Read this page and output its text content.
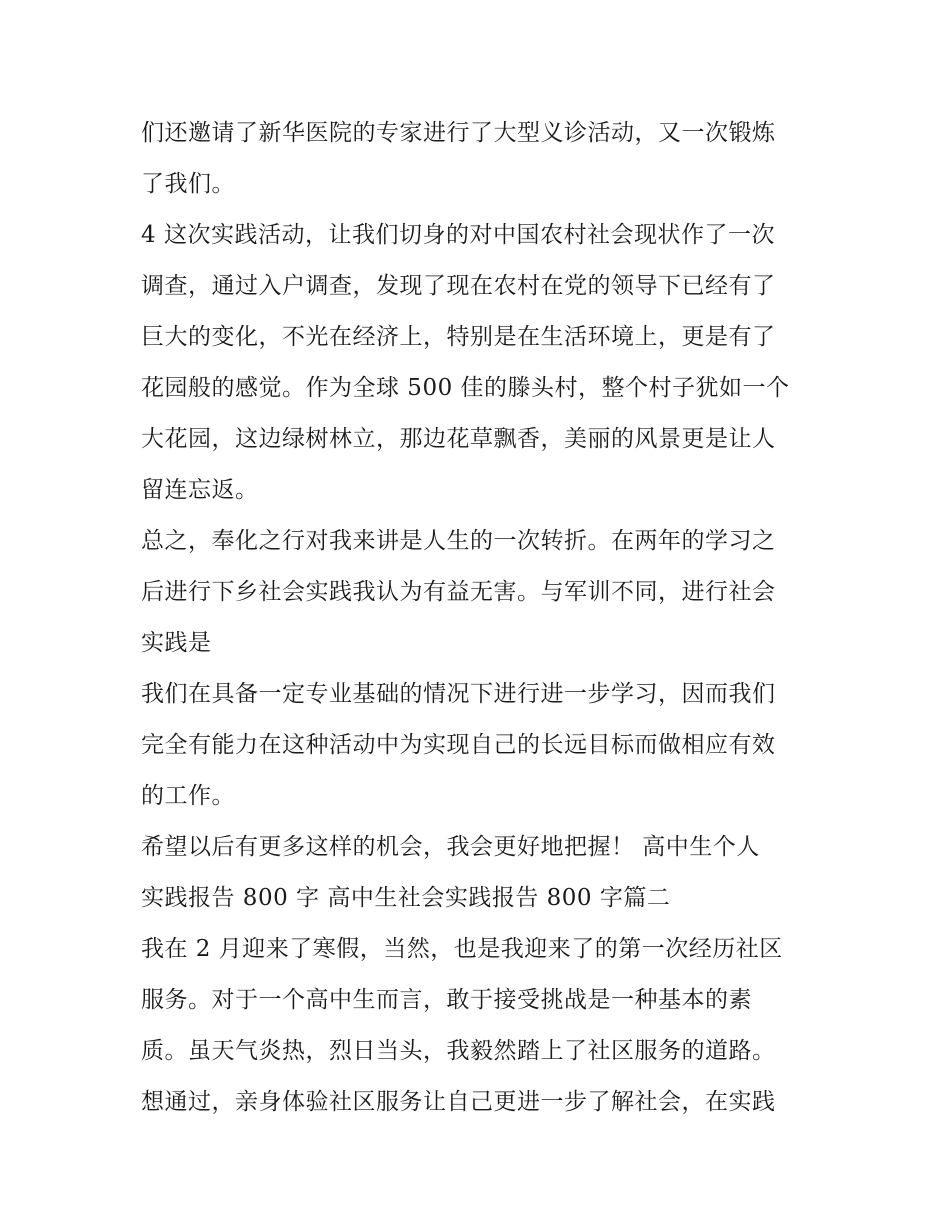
们还邀请了新华医院的专家进行了大型义诊活动，又一次锻炼
了我们。
4 这次实践活动，让我们切身的对中国农村社会现状作了一次
调查，通过入户调查，发现了现在农村在党的领导下已经有了
巨大的变化，不光在经济上，特别是在生活环境上，更是有了
花园般的感觉。作为全球 500 佳的滕头村，整个村子犹如一个
大花园，这边绿树林立，那边花草飘香，美丽的风景更是让人
留连忘返。
总之，奉化之行对我来讲是人生的一次转折。在两年的学习之
后进行下乡社会实践我认为有益无害。与军训不同，进行社会
实践是
我们在具备一定专业基础的情况下进行进一步学习，因而我们
完全有能力在这种活动中为实现自己的长远目标而做相应有效
的工作。
希望以后有更多这样的机会，我会更好地把握！ 高中生个人
实践报告 800 字 高中生社会实践报告 800 字篇二
我在 2 月迎来了寒假，当然，也是我迎来了的第一次经历社区
服务。对于一个高中生而言，敢于接受挑战是一种基本的素
质。虽天气炎热，烈日当头，我毅然踏上了社区服务的道路。
想通过，亲身体验社区服务让自己更进一步了解社会，在实践
